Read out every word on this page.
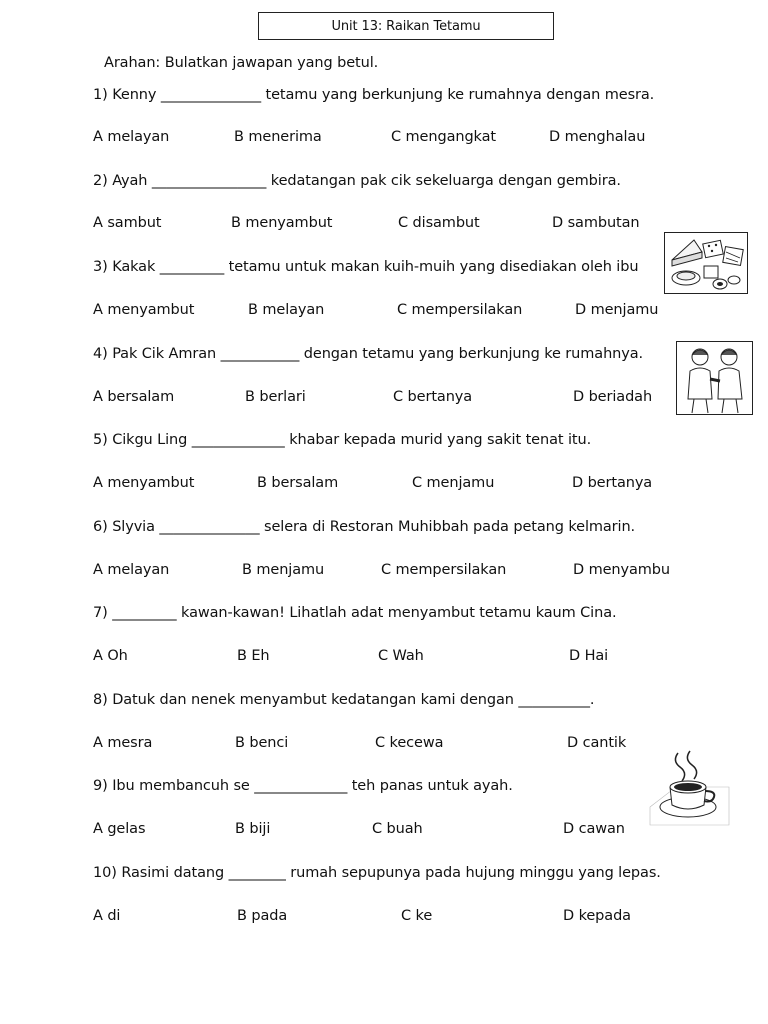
Unit 13: Raikan Tetamu
Arahan: Bulatkan jawapan yang betul.
1) Kenny ______________ tetamu yang berkunjung ke rumahnya dengan mesra.
A melayan	B menerima	C mengangkat	D menghalau
2) Ayah ________________ kedatangan pak cik sekeluarga dengan gembira.
A sambut	B menyambut	C disambut	D sambutan
3) Kakak _________ tetamu untuk makan kuih-muih yang disediakan oleh ibu
A menyambut	B melayan	C mempersilakan	D menjamu
4) Pak Cik Amran ___________ dengan tetamu yang berkunjung ke rumahnya.
A bersalam	B berlari	C bertanya	D beriadah
5) Cikgu Ling _____________ khabar kepada murid yang sakit tenat itu.
A menyambut	B bersalam	C menjamu	D bertanya
6) Slyvia ______________ selera di Restoran Muhibbah pada petang kelmarin.
A melayan	B menjamu	C mempersilakan	D menyambu
7) _________ kawan-kawan! Lihatlah adat menyambut tetamu kaum Cina.
A Oh	B Eh	C Wah	D Hai
8) Datuk dan nenek menyambut kedatangan kami dengan __________.
A mesra	B benci	C kecewa	D cantik
9) Ibu membancuh se _____________ teh panas untuk ayah.
A gelas	B biji	C buah	D cawan
10) Rasimi datang ________ rumah sepupunya pada hujung minggu yang lepas.
A di	B pada	C ke	D kepada
